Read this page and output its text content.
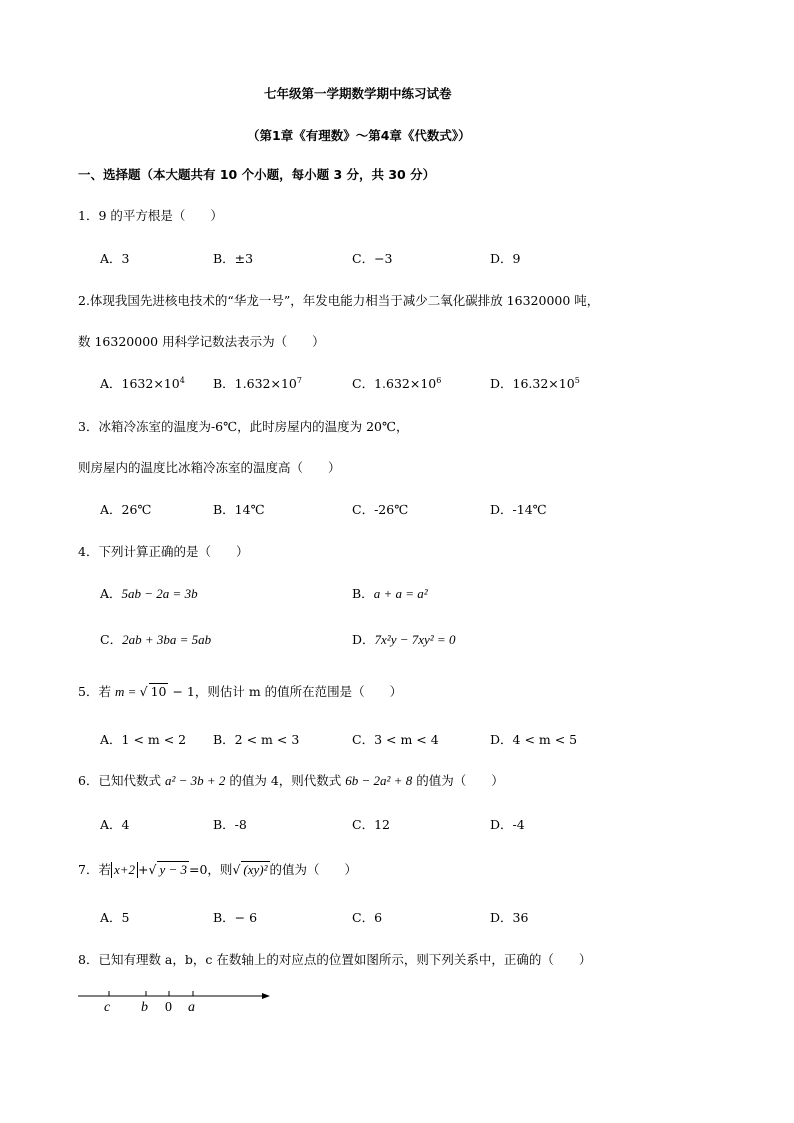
七年级第一学期数学期中练习试卷
（第1章《有理数》～第4章《代数式》）
一、选择题（本大题共有 10 个小题，每小题 3 分，共 30 分）
1．9 的平方根是（　　）
A．3	B．±3	C．−3	D．9
2.体现我国先进核电技术的“华龙一号”，年发电能力相当于减少二氧化碳排放 16320000 吨，
数 16320000 用科学记数法表示为（　　）
A．$1632\times 10^4$ B．$1.632\times 10^7$	C．$1.632\times 10^6$	D．$16.32\times 10^5$
3．冰箱冷冻室的温度为-6℃，此时房屋内的温度为 20℃，
则房屋内的温度比冰箱冷冻室的温度高（　　）
A．26℃	B．14℃	C．-26℃	D．-14℃
4．下列计算正确的是（　　）
A．5ab − 2a = 3b	B．a + a = a²
C．2ab + 3ba = 5ab	D．7x²y − 7xy² = 0
5．若 m = √ 10 − 1，则估计 m 的值所在范围是（　　）
A．1 < m < 2 B．2 < m < 3	C．3 < m < 4	D．4 < m < 5
6．已知代数式 a² − 3b + 2 的值为 4，则代数式 6b − 2a² + 8 的值为（　　）
A．4	B．-8	C．12	D．-4
7．若 x+2 +√ y − 3 =0，则√ (xy)² 的值为（　　）
A．5	B．− 6	C．6	D．36
8．已知有理数 a，b，c 在数轴上的对应点的位置如图所示，则下列关系中，正确的（　　）
c b 0 a
